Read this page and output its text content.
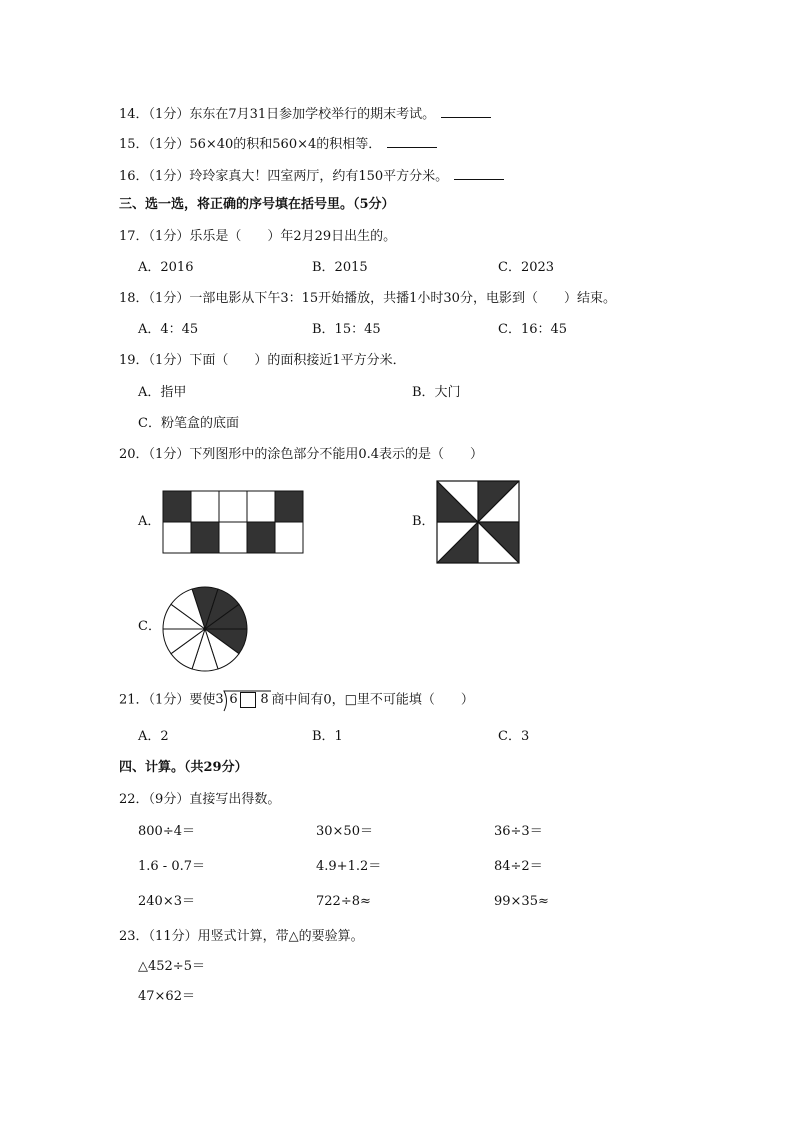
14．（1分）东东在7月31日参加学校举行的期末考试。
15．（1分）56×40的积和560×4的积相等．
16．（1分）玲玲家真大！四室两厅，约有150平方分米。
三、选一选，将正确的序号填在括号里。（5分）
17．（1分）乐乐是（　　）年2月29日出生的。
A．2016	B．2015	C．2023
18．（1分）一部电影从下午3：15开始播放，共播1小时30分，电影到（　　）结束。
A．4：45	B．15：45	C．16：45
19．（1分）下面（　　）的面积接近1平方分米．
A．指甲	B．大门
C．粉笔盒的底面
20．（1分）下列图形中的涂色部分不能用0.4表示的是（　　）
A．	B．
C．
21．（1分）要使 3 6 8 商中间有0，□里不可能填（　　）
A．2	B．1	C．3
四、计算。（共29分）
22．（9分）直接写出得数。
800÷4＝	30×50＝	36÷3＝
1.6 - 0.7＝	4.9+1.2＝	84÷2＝
240×3＝	722÷8≈	99×35≈
23．（11分）用竖式计算，带△的要验算。
△452÷5＝
47×62＝
